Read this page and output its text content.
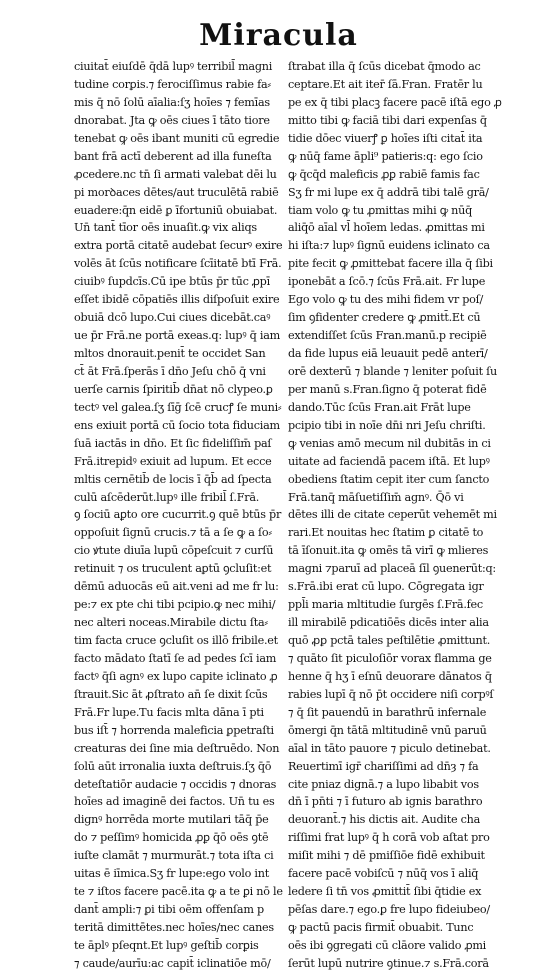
Miracula
ciuitat̄ eiuſdē q̄dā lupꝰ terribil̄ magni
tudine corꝑis.⁊ ferociſſimus rabie fa⸗
mis q̄ nō ſolū aīalia:ſʒ hoīes ⁊ femīas
dnorabat. Jta ꝙ oēs ciues ī tāto tiore
tenebat ꝙ oēs ibant muniti cū egredie
bant frā actī deberent ad illa funeſta
ꝓcedere.nc tn̄ ſi armati valebat dēi lu
pi morꝺaces dētes/aut truculētā rabiē
euadere:q̄n eidē ꝑ īfortuniū obuiabat.
Un̄ tant̄ tīor oēs inuaſit.ꝙ vix aliqs
extra portā citatē audebat ſecurꝰ exire
volēs āt ſcūs notificare ſcīitatē btī Frā.
ciuibꝰ ſupdcīs.Cū ipe btūs p̄r tūc ꝓpī
eſſet ibidē cōpatiēs illis diſpoſuit exire
obuiā dcō lupo.Cui ciues dicebāt.caꝰ
ue p̄r Frā.ne portā exeas.q: lupꝰ q̄ iam
mltos dnorauit.penit̄ te occidet San
ct̄ āt Frā.ſperās ī dn̄o Jeſu chō q̄ vni
uerſe carnis ſpiritib̄ dn̄at nō clypeo.ꝑ
tectꝰ vel galea.ſʒ ſīḡ ſcē crucꝭ ſe muni⸗
ens exiuit portā cū ſocio tota fiduciam
ſuā iactās in dn̄o. Et ſic fideliſſim̄ paſ
Frā.itrepidꝰ exiuit ad lupum. Et ecce
mltis cernētib̄ de locis ī q̄b̄ ad ſpecta
culū aſcēderūt.lupꝰ ille fribil̄ ſ.Frā.
ꝯ ſociū aꝑto ore cucurrit.ꝯ quē btūs p̄r
oppoſuit ſignū crucis.⁊ tā a ſe ꝙ a ſo⸗
cio ꝟtute diuīa lupū cōpeſcuit ⁊ curſū
retinuit ⁊ os truculent aꝑtū ꝯcluſit:et
dēmū aduocās eū ait.veni ad me fr lu:
pe:⁊ ex pte chi tibi pcipio.ꝙ nec mihi/
nec alteri noceas.Mirabile dictu ſta⸗
tim facta cruce ꝯcluſit os illō fribile.et
facto mādato ſtatī ſe ad pedes ſcī iam
factꝰ q̄ſi agnꝰ ex lupo capite iclinato ꝓ
ſtrauit.Sic āt ꝓſtrato an̄ ſe dixit ſcūs
Frā.Fr lupe.Tu facis mlta dāna ī pti
bus iſt̄ ⁊ horrenda maleficia ꝑpetraſti
creaturas dei ſine mia deſtruēdo. Non
ſolū aūt irronalia iuxta deſtruis.ſʒ q̄ō
deteſtatiōr audacie ⁊ occidis ⁊ dnoras
hoīes ad imaginē dei factos. Un̄ tu es
dignꝰ horrēda morte mutilari tāq̄ p̄e
do ⁊ peſſimꝰ homicida ꝓꝑ q̄ō oēs ꝯtē
iuſte clamāt ⁊ murmurāt.⁊ tota iſta ci
uitas ē iīmica.Sʒ fr lupe:ego volo int
te ⁊ iſtos facere pacē.ita ꝙ a te ꝑi nō le
dant̄ ampli:⁊ ꝑi tibi oēm offenſam p
teritā dimittētes.nec hoīes/nec canes
te āplꝰ pſeqnt.Et lupꝰ geſtib̄ corꝑis
⁊ caude/aurīu:ac capit̄ iclinatiōe mō/
ſtrabat illa q̄ ſcūs dicebat q̄modo ac
ceptare.Et ait iter̄ ſā.Fran. Fratēr lu
pe ex q̄ tibi placꝫ facere pacē iſtā ego ꝓ
mitto tibi ꝙ faciā tibi dari expenſas q̄
tidie dōec viuerꝭ ꝑ hoīes iſti citat̄ ita
ꝙ nūq̄ fame āpli⁹ patieris:q: ego ſcio
ꝙ q̄cq̄d maleficis ꝓꝑ rabiē famis fac
Sʒ fr mi lupe ex q̄ addrā tibi talē grā/
tiam volo ꝙ tu ꝓmittas mihi ꝙ nūq̄
aliq̄ō aīal vl̄ hoīem ledas. ꝓmittas mi
hi iſta:⁊ lupꝰ ſignū euidens iclinato ca
pite fecit ꝙ ꝓmittebat facere illa q̄ ſibi
iponebāt a ſcō.⁊ ſcūs Frā.ait. Fr lupe
Ego volo ꝙ tu des mihi fidem vr poſ/
ſim ꝯfidenter credere ꝙ ꝓmitt̄.Et cū
extendiſſet ſcūs Fran.manū.p recipiē
da fide lupus eiā leuauit pedē anterī/
orē dexterū ⁊ blande ⁊ leniter poſuit ſu
per manū s.Fran.ſigno q̄ poterat fidē
dando.Tūc ſcūs Fran.ait Frāt lupe
pcipio tibi in noīe dn̄i nri Jeſu chriſti.
ꝙ venias amō mecum nil dubitās in ci
uitate ad faciendā pacem iſtā. Et lupꝰ
obediens ſtatim cepit iter cum ſancto
Frā.tanq̄ māſuetiſſim̄ agnꝰ. Q̄ō vi
dētes illi de citate ceperūt vehemēt mi
rari.Et nouitas hec ſtatim ꝑ citatē to
tā īſonuit.ita ꝙ omēs tā virī ꝙ mlieres
magni ⁊paruī ad placeā ſīl ꝯuenerūt:q:
s.Frā.ibi erat cū lupo. Cōgregata igr
ppl̄i maria mltitudie ſurgēs ſ.Frā.fec
ill mirabilē pdicatiōēs dicēs inter alia
quō ꝓꝑ pctā tales peſtilētie ꝓmittunt.
⁊ quāto ſit piculoſiōr vorax flamma ge
henne q̄ hʒ ī eſnū deuorare dānatos q̄
rabies lupī q̄ nō p̄t occidere niſi corpꝰſ
⁊ q̄ ſit pauendū in barathrū infernale
ōmergi q̄n tātā mltitudinē vnū paruū
aīal in tāto pauore ⁊ piculo detinebat.
Reuertimī igr̄ chariſſimi ad dn̄ȝ ⁊ fa
cite pniaz dignā.⁊ a lupo libabit vos
dn̄ ī pn̄ti ⁊ ī futuro ab ignis barathro
deuorant̄.⁊ his dictis ait. Audite cha
riſſimi frat lupꝰ q̄ h corā vob aſtat pro
miſit mihi ⁊ dē pmiſſiōe fidē exhibuit
facere pacē vobiſcū ⁊ nūq̄ vos ī aliq̄
ledere ſi tn̄ vos ꝓmittit̄ ſibi q̄tidie ex
pēſas dare.⁊ ego.ꝑ fre lupo fideiubeo/
ꝙ pactū pacis firmit̄ obuabit. Tunc
oēs ibi ꝯgregati cū clāore valido ꝓmi
ſerūt lupū nutrire ꝯtinue.⁊ s.Frā.corā
